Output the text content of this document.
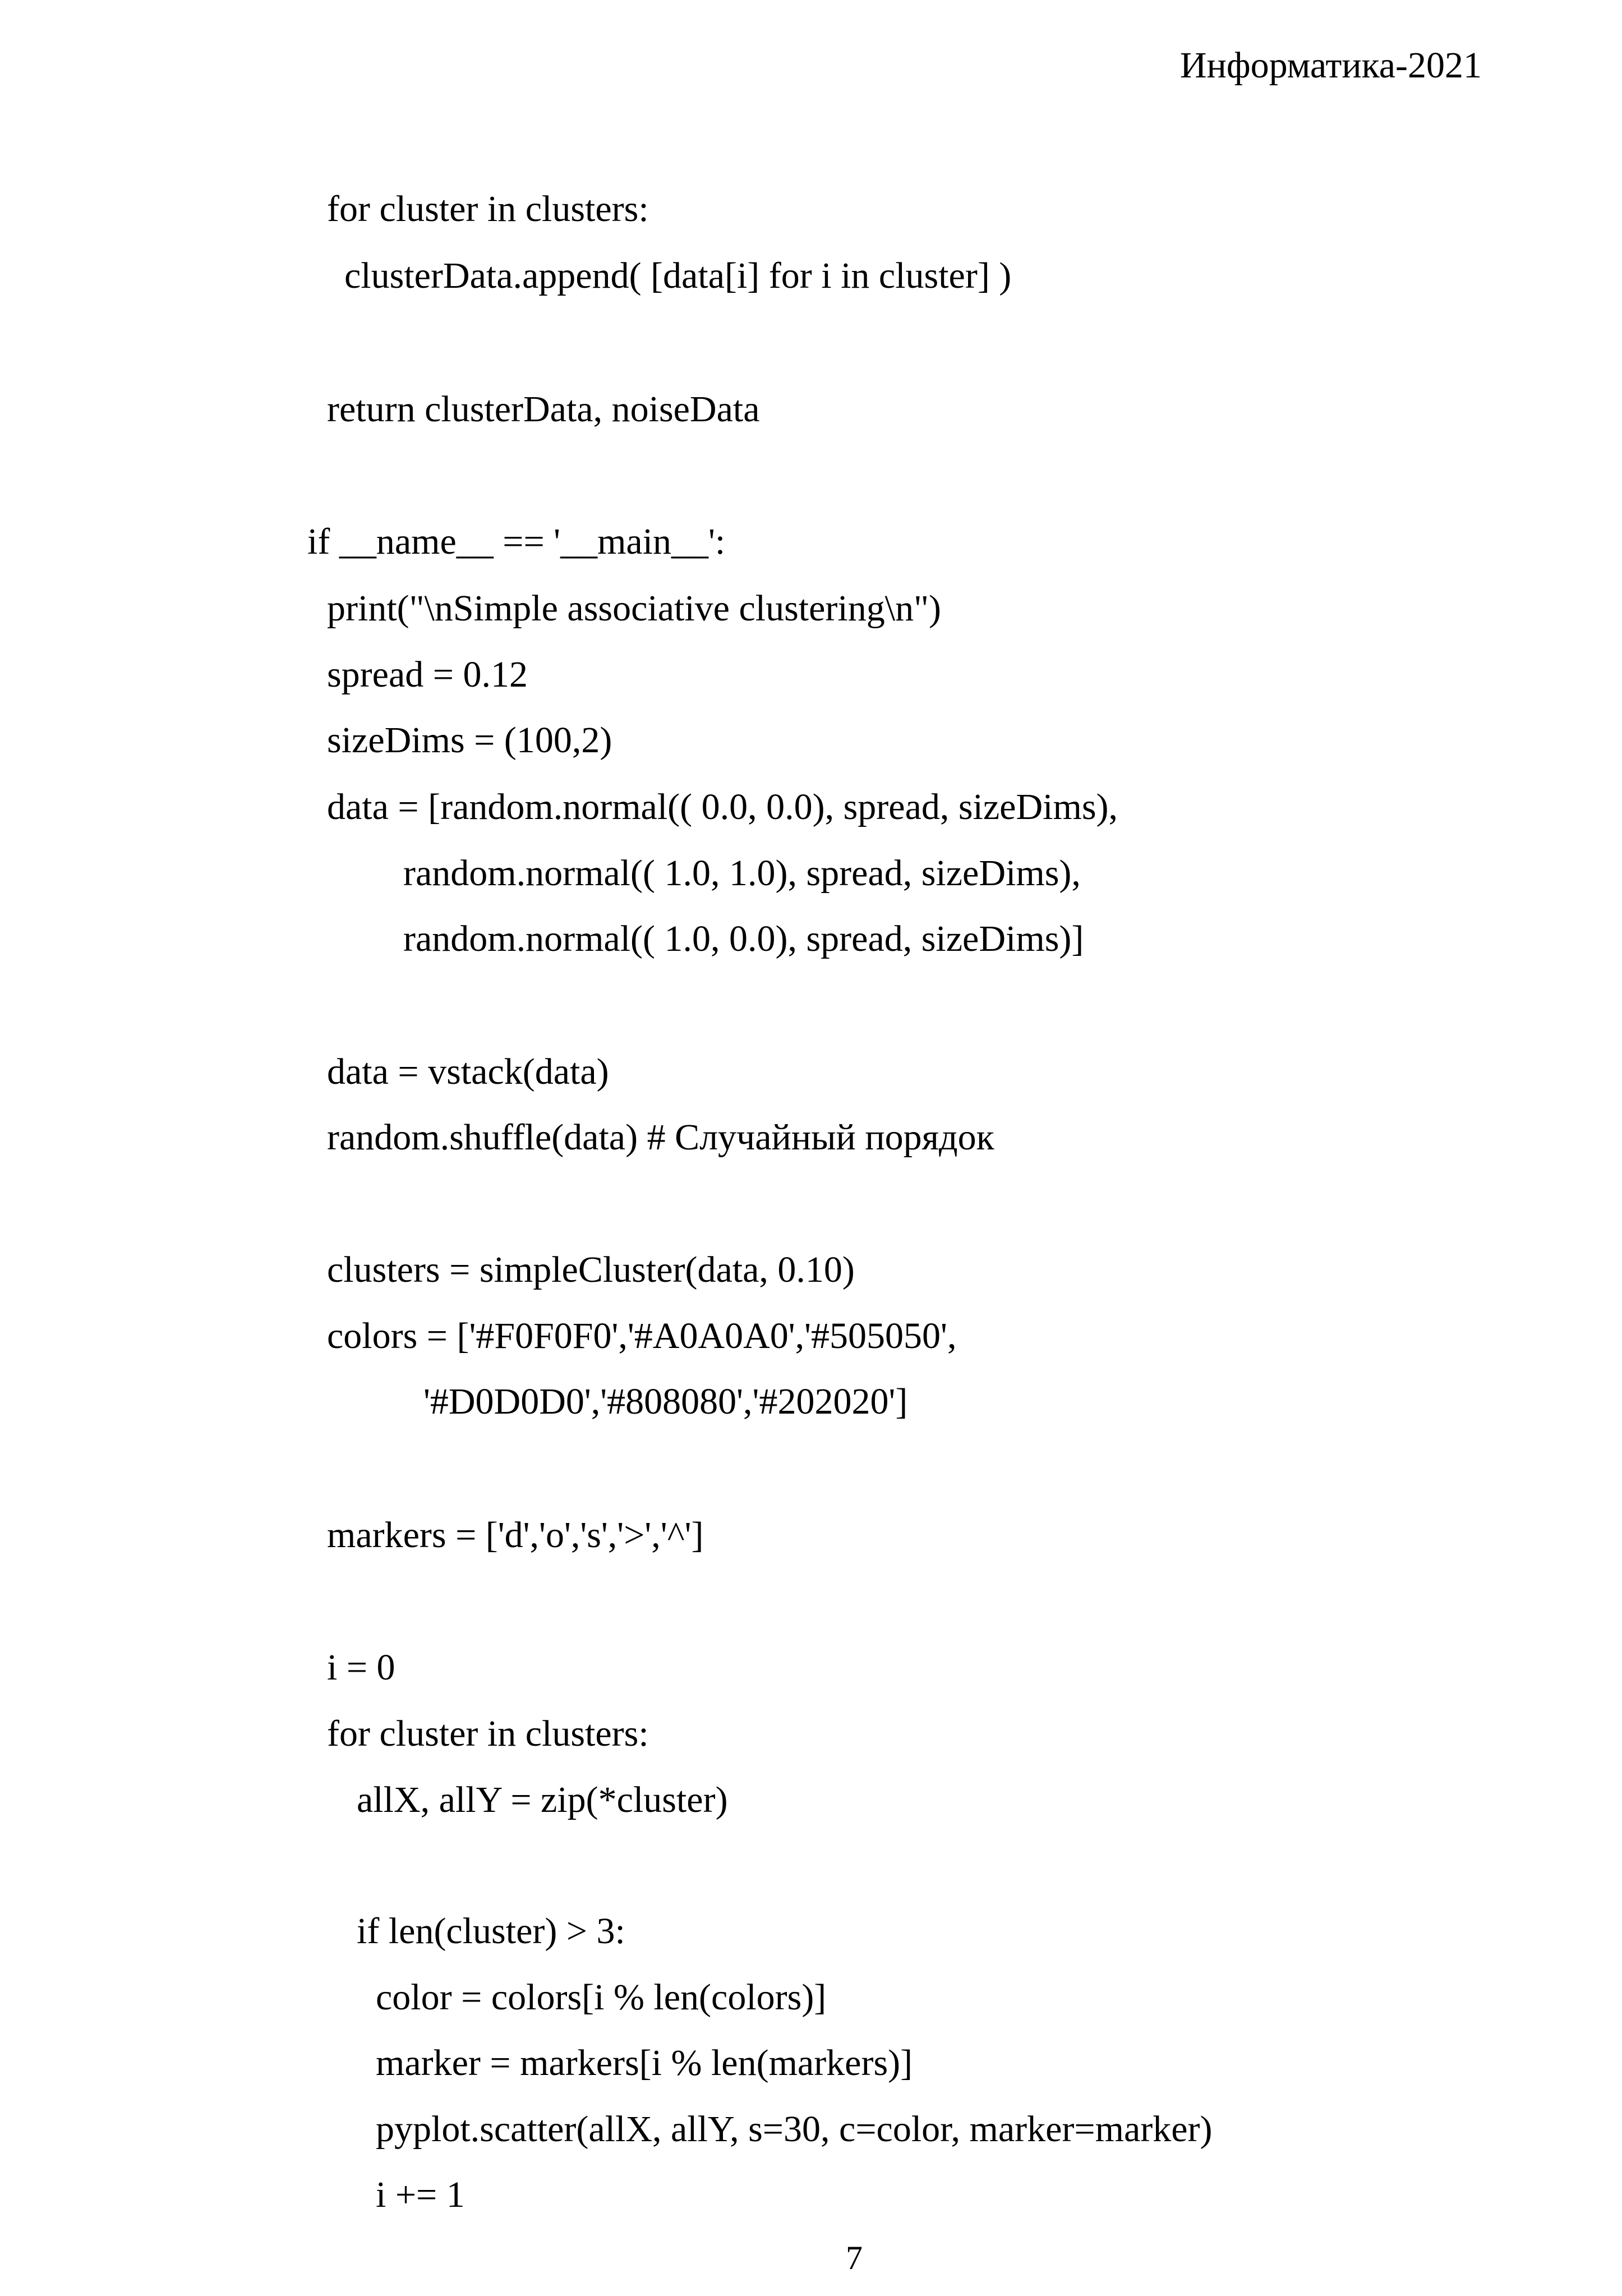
Информатика-2021
for cluster in clusters:
clusterData.append( [data[i] for i in cluster] )
return clusterData, noiseData
if __name__ == '__main__':
print("\nSimple associative clustering\n")
spread = 0.12
sizeDims = (100,2)
data = [random.normal(( 0.0, 0.0), spread, sizeDims),
random.normal(( 1.0, 1.0), spread, sizeDims),
random.normal(( 1.0, 0.0), spread, sizeDims)]
data = vstack(data)
random.shuffle(data) # Случайный порядок
clusters = simpleCluster(data, 0.10)
colors = ['#F0F0F0','#A0A0A0','#505050',
'#D0D0D0','#808080','#202020']
markers = ['d','o','s','>','^']
i = 0
for cluster in clusters:
allX, allY = zip(*cluster)
if len(cluster) > 3:
color = colors[i % len(colors)]
marker = markers[i % len(markers)]
pyplot.scatter(allX, allY, s=30, c=color, marker=marker)
i += 1
7
